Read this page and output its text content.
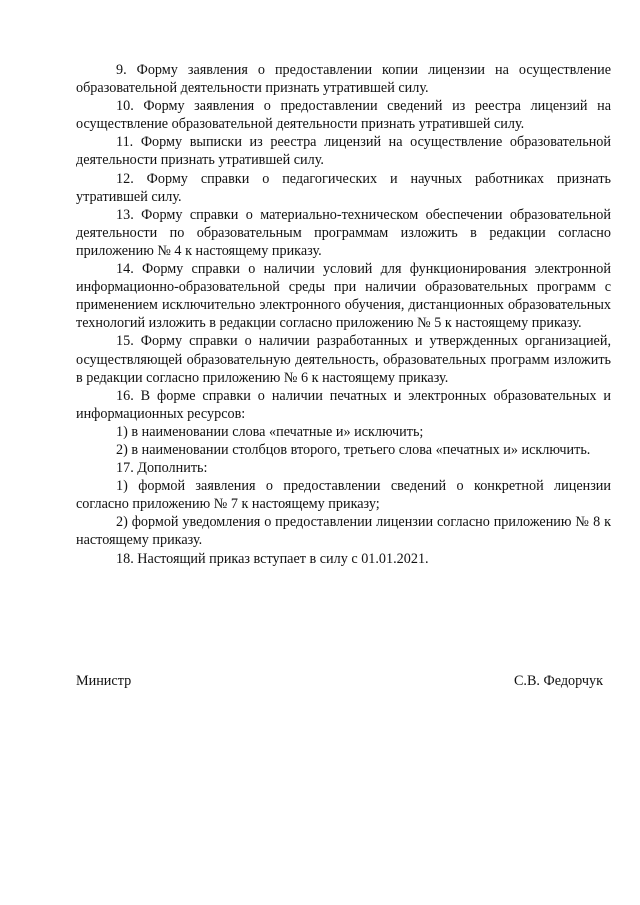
9. Форму заявления о предоставлении копии лицензии на осуществление образовательной деятельности признать утратившей силу.

10. Форму заявления о предоставлении сведений из реестра лицензий на осуществление образовательной деятельности признать утратившей силу.

11. Форму выписки из реестра лицензий на осуществление образовательной деятельности признать утратившей силу.

12. Форму справки о педагогических и научных работниках признать утратившей силу.

13. Форму справки о материально-техническом обеспечении образовательной деятельности по образовательным программам изложить в редакции согласно приложению № 4 к настоящему приказу.

14. Форму справки о наличии условий для функционирования электронной информационно-образовательной среды при наличии образовательных программ с применением исключительно электронного обучения, дистанционных образовательных технологий изложить в редакции согласно приложению № 5 к настоящему приказу.

15. Форму справки о наличии разработанных и утвержденных организацией, осуществляющей образовательную деятельность, образовательных программ изложить в редакции согласно приложению № 6 к настоящему приказу.

16. В форме справки о наличии печатных и электронных образовательных и информационных ресурсов:

1) в наименовании слова «печатные и» исключить;

2) в наименовании столбцов второго, третьего слова «печатных и» исключить.

17. Дополнить:

1) формой заявления о предоставлении сведений о конкретной лицензии согласно приложению № 7 к настоящему приказу;

2) формой уведомления о предоставлении лицензии согласно приложению № 8 к настоящему приказу.

18. Настоящий приказ вступает в силу с 01.01.2021.

Министр	С.В. Федорчук
